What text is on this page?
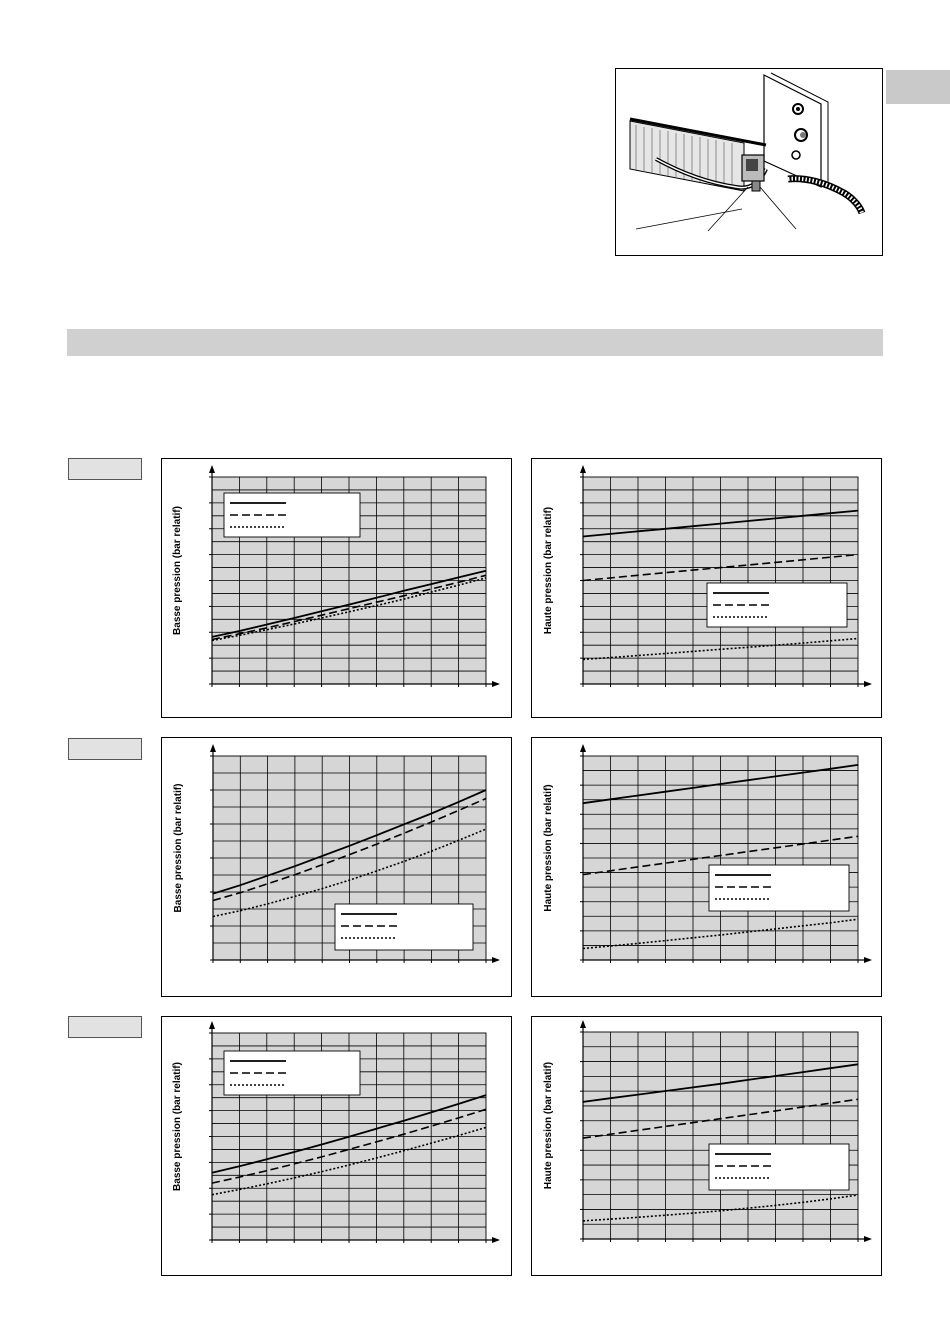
Basse pression (bar relatif)	Haute pression (bar relatif)
Basse pression (bar relatif)	Haute pression (bar relatif)
Basse pression (bar relatif)	Haute pression (bar relatif)
